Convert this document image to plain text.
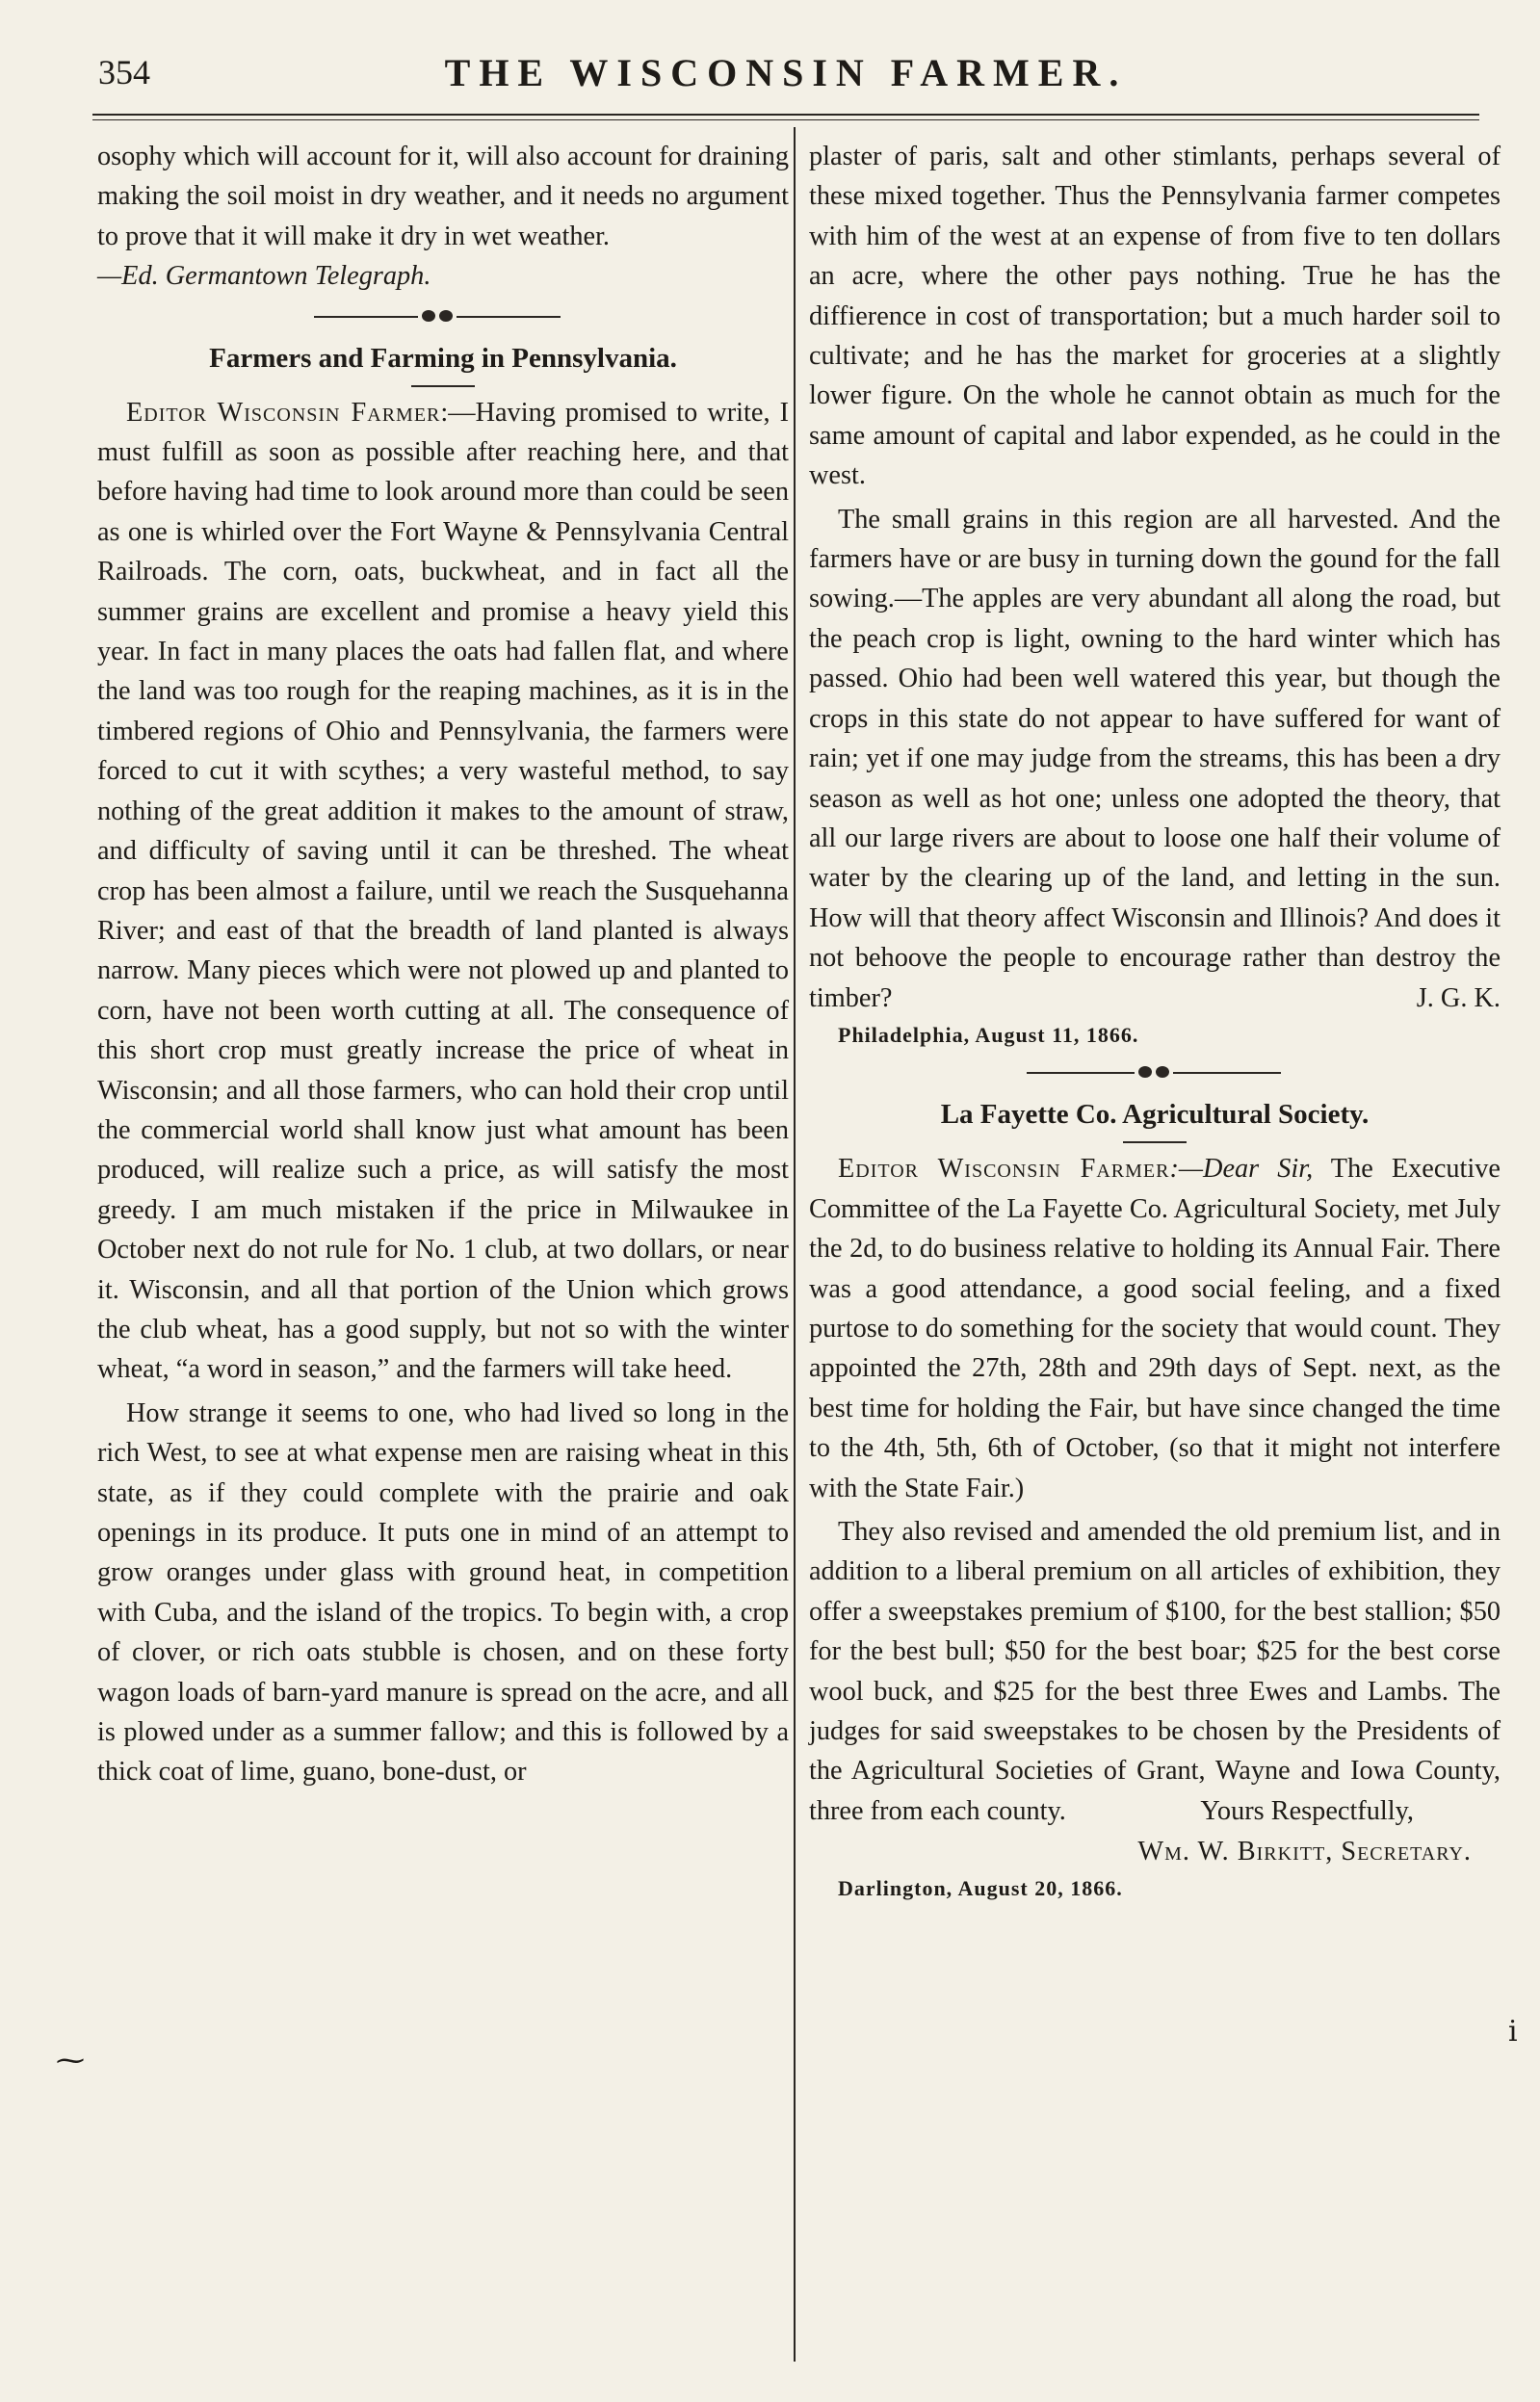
354	THE WISCONSIN FARMER.

osophy which will account for it, will also account for draining making the soil moist in dry weather, and it needs no argument to prove that it will make it dry in wet weather.

—Ed. Germantown Telegraph.

Farmers and Farming in Pennsylvania.

Editor Wisconsin Farmer:—Having promised to write, I must fulfill as soon as possible after reaching here, and that before having had time to look around more than could be seen as one is whirled over the Fort Wayne & Pennsylvania Central Railroads. The corn, oats, buckwheat, and in fact all the summer grains are excellent and promise a heavy yield this year. In fact in many places the oats had fallen flat, and where the land was too rough for the reaping machines, as it is in the timbered regions of Ohio and Pennsylvania, the farmers were forced to cut it with scythes; a very wasteful method, to say nothing of the great addition it makes to the amount of straw, and difficulty of saving until it can be threshed. The wheat crop has been almost a failure, until we reach the Susquehanna River; and east of that the breadth of land planted is always narrow. Many pieces which were not plowed up and planted to corn, have not been worth cutting at all. The consequence of this short crop must greatly increase the price of wheat in Wisconsin; and all those farmers, who can hold their crop until the commercial world shall know just what amount has been produced, will realize such a price, as will satisfy the most greedy. I am much mistaken if the price in Milwaukee in October next do not rule for No. 1 club, at two dollars, or near it. Wisconsin, and all that portion of the Union which grows the club wheat, has a good supply, but not so with the winter wheat, “a word in season,” and the farmers will take heed.

How strange it seems to one, who had lived so long in the rich West, to see at what expense men are raising wheat in this state, as if they could complete with the prairie and oak openings in its produce. It puts one in mind of an attempt to grow oranges under glass with ground heat, in competition with Cuba, and the island of the tropics. To begin with, a crop of clover, or rich oats stubble is chosen, and on these forty wagon loads of barn-yard manure is spread on the acre, and all is plowed under as a summer fallow; and this is followed by a thick coat of lime, guano, bone-dust, or

plaster of paris, salt and other stimlants, perhaps several of these mixed together. Thus the Pennsylvania farmer competes with him of the west at an expense of from five to ten dollars an acre, where the other pays nothing. True he has the diffierence in cost of transportation; but a much harder soil to cultivate; and he has the market for groceries at a slightly lower figure. On the whole he cannot obtain as much for the same amount of capital and labor expended, as he could in the west.

The small grains in this region are all harvested. And the farmers have or are busy in turning down the gound for the fall sowing.—The apples are very abundant all along the road, but the peach crop is light, owning to the hard winter which has passed. Ohio had been well watered this year, but though the crops in this state do not appear to have suffered for want of rain; yet if one may judge from the streams, this has been a dry season as well as hot one; unless one adopted the theory, that all our large rivers are about to loose one half their volume of water by the clearing up of the land, and letting in the sun. How will that theory affect Wisconsin and Illinois? And does it not behoove the people to encourage rather than destroy the timber?	J. G. K.

Philadelphia, August 11, 1866.

La Fayette Co. Agricultural Society.

Editor Wisconsin Farmer:—Dear Sir, The Executive Committee of the La Fayette Co. Agricultural Society, met July the 2d, to do business relative to holding its Annual Fair. There was a good attendance, a good social feeling, and a fixed purtose to do something for the society that would count. They appointed the 27th, 28th and 29th days of Sept. next, as the best time for holding the Fair, but have since changed the time to the 4th, 5th, 6th of October, (so that it might not interfere with the State Fair.)

They also revised and amended the old premium list, and in addition to a liberal premium on all articles of exhibition, they offer a sweepstakes premium of $100, for the best stallion; $50 for the best bull; $50 for the best boar; $25 for the best corse wool buck, and $25 for the best three Ewes and Lambs. The judges for said sweepstakes to be chosen by the Presidents of the Agricultural Societies of Grant, Wayne and Iowa County, three from each county.	Yours Respectfully,

Wm. W. Birkitt, Secretary.

Darlington, August 20, 1866.

⁓
ⅰ
